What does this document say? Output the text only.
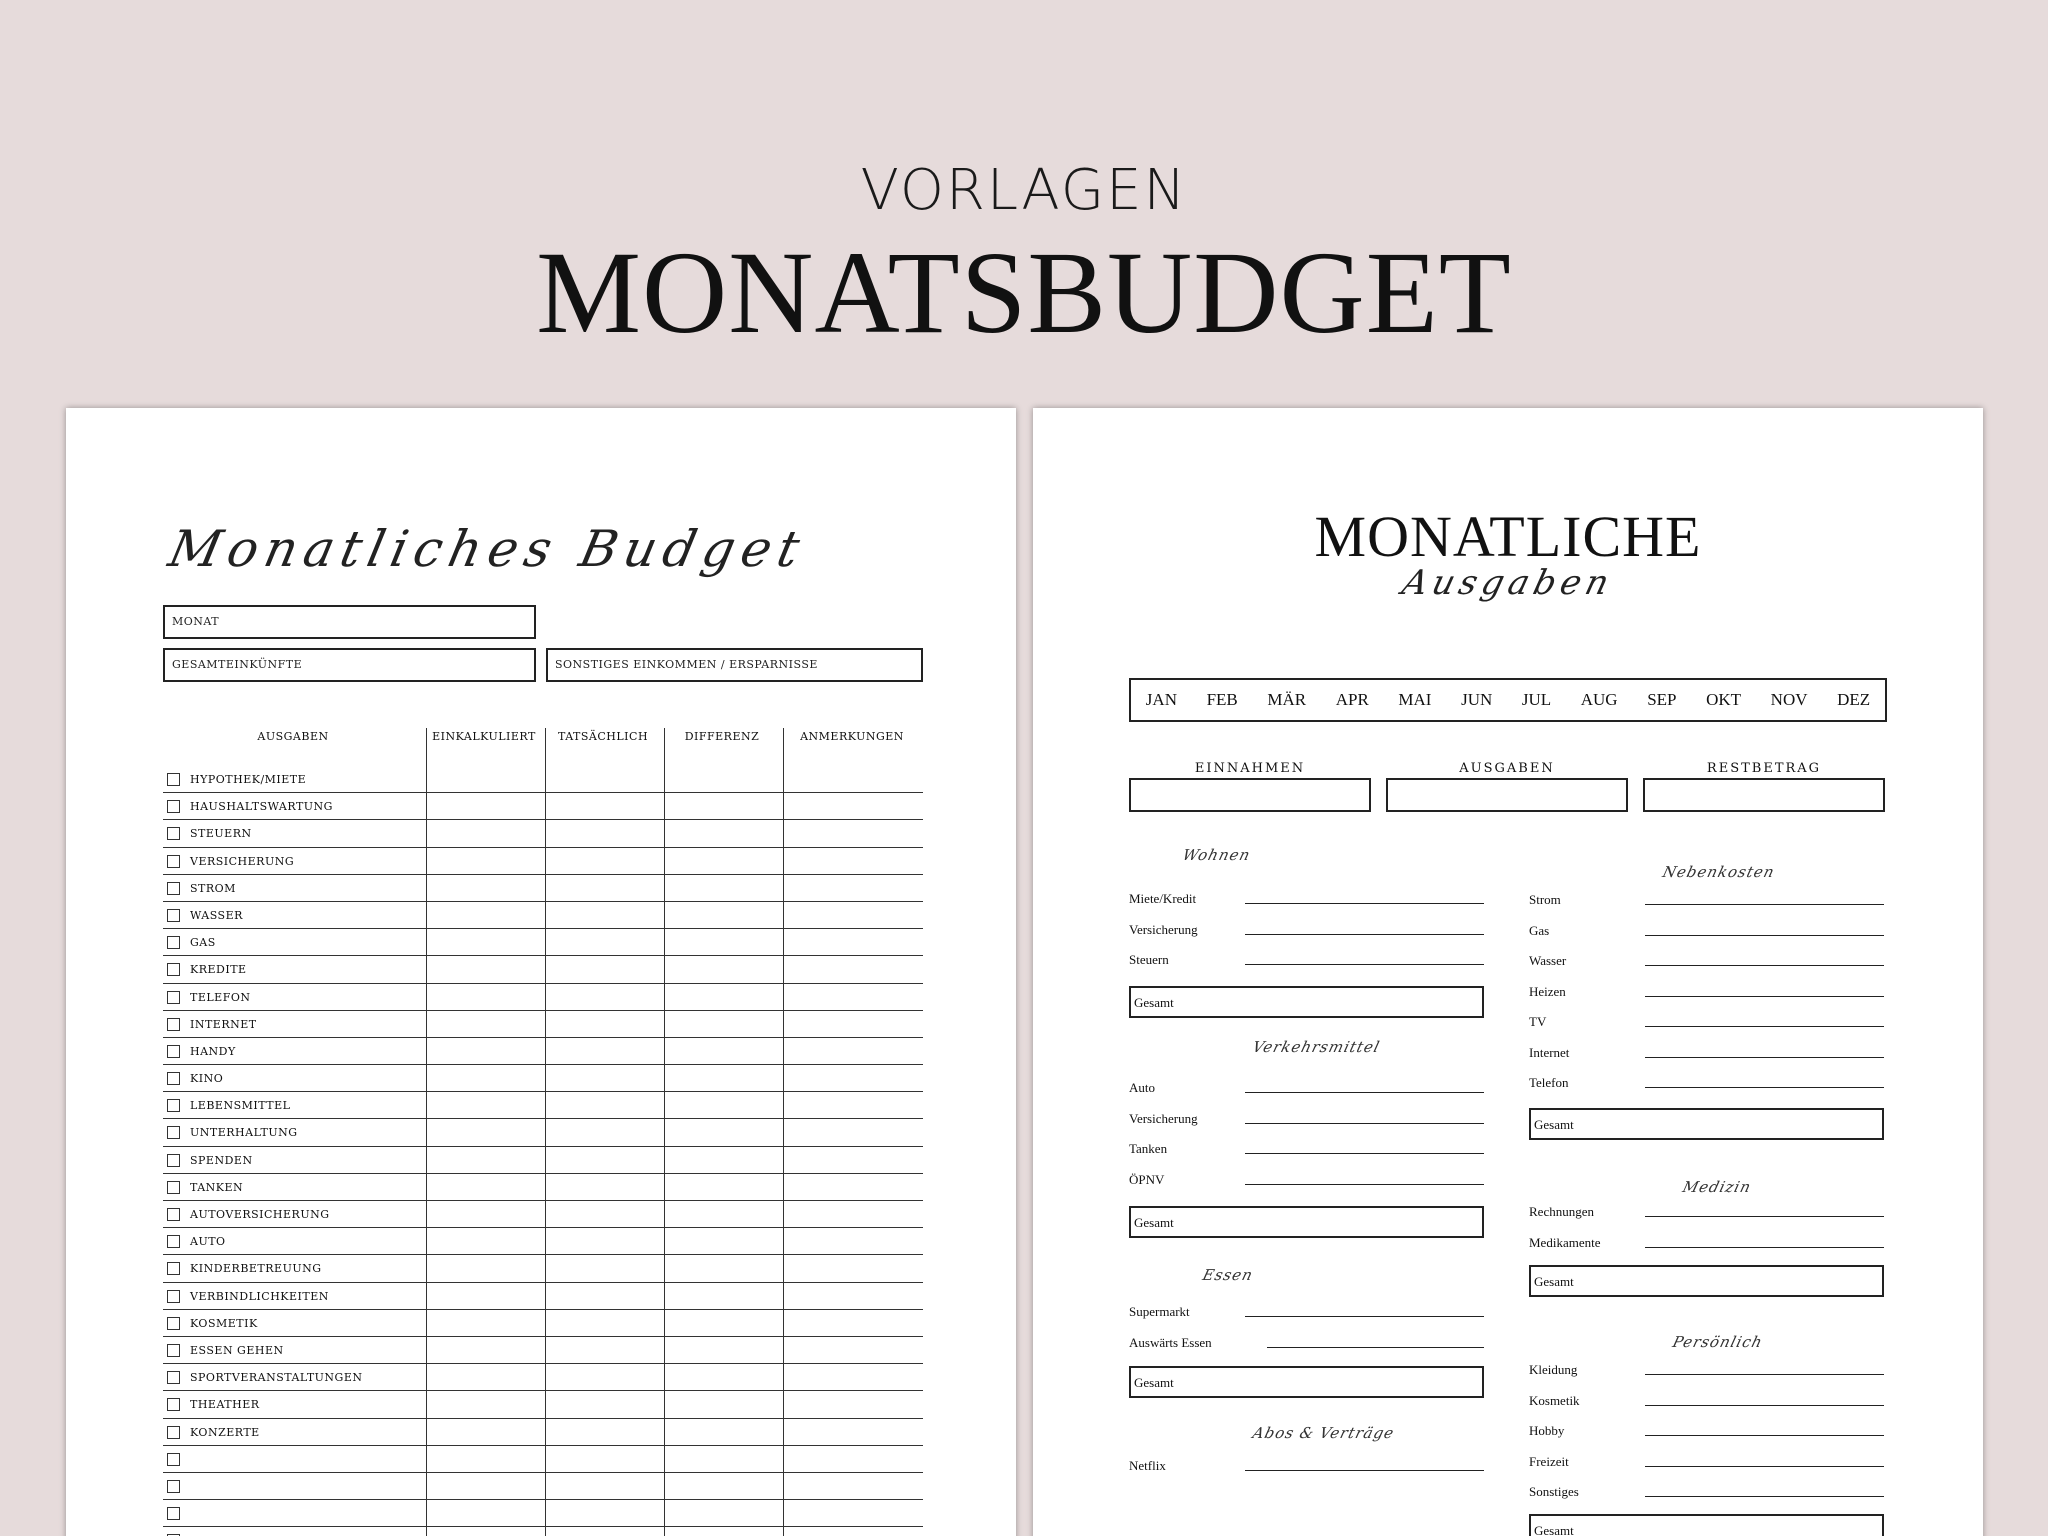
VORLAGEN
MONATSBUDGET
Monatliches Budget
MONAT
GESAMTEINKÜNFTE	SONSTIGES EINKOMMEN / ERSPARNISSE
AUSGABEN	EINKALKULIERT	TATSÄCHLICH	DIFFERENZ	ANMERKUNGEN
HYPOTHEK/MIETE
HAUSHALTSWARTUNG
STEUERN
VERSICHERUNG
STROM
WASSER
GAS
KREDITE
TELEFON
INTERNET
HANDY
KINO
LEBENSMITTEL
UNTERHALTUNG
SPENDEN
TANKEN
AUTOVERSICHERUNG
AUTO
KINDERBETREUUNG
VERBINDLICHKEITEN
KOSMETIK
ESSEN GEHEN
SPORTVERANSTALTUNGEN
THEATHER
KONZERTE
MONATLICHE
Ausgaben
JAN FEB MÄR APR MAI JUN JUL AUG SEP OKT NOV DEZ
EINNAHMEN	AUSGABEN	RESTBETRAG
Wohnen
Miete/Kredit
Versicherung
Steuern
Gesamt
Verkehrsmittel
Auto
Versicherung
Tanken
ÖPNV
Gesamt
Essen
Supermarkt
Auswärts Essen
Gesamt
Abos & Verträge
Netflix
Nebenkosten
Strom
Gas
Wasser
Heizen
TV
Internet
Telefon
Gesamt
Medizin
Rechnungen
Medikamente
Gesamt
Persönlich
Kleidung
Kosmetik
Hobby
Freizeit
Sonstiges
Gesamt
